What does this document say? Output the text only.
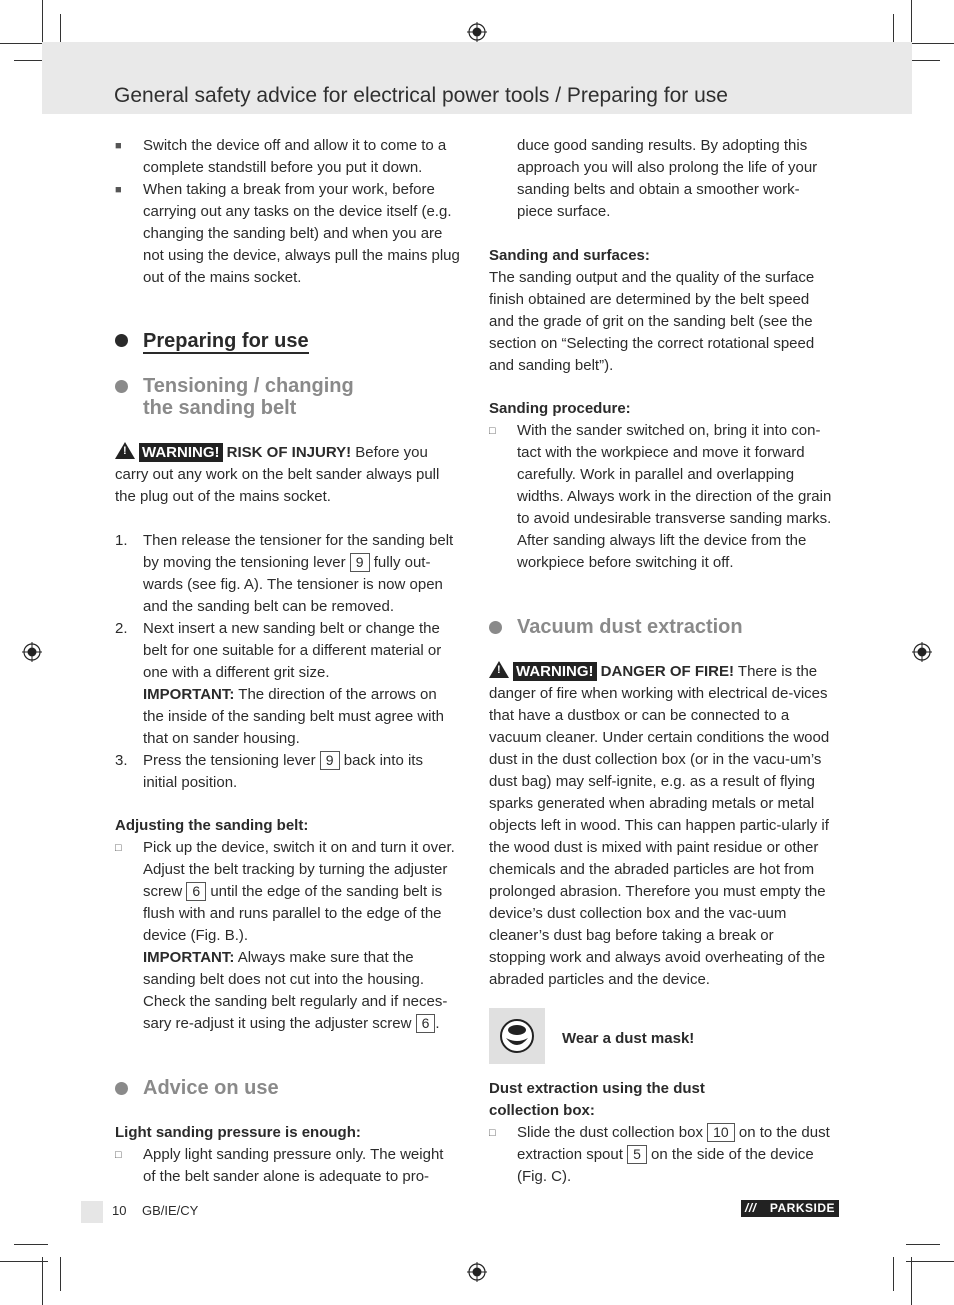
General safety advice for electrical power tools / Preparing for use
■	Switch the device off and allow it to come to a complete standstill before you put it down.
■	When taking a break from your work, before carrying out any tasks on the device itself (e.g. changing the sanding belt) and when you are not using the device, always pull the mains plug out of the mains socket.
Preparing for use
Tensioning / changing
the sanding belt

!WARNING! RISK OF INJURY! Before you carry out any work on the belt sander always pull the plug out of the mains socket.

1. Then release the tensioner for the sanding belt by moving the tensioning lever 9 fully out-wards (see fig. A). The tensioner is now open and the sanding belt can be removed.
2. Next insert a new sanding belt or change the belt for one suitable for a different material or one with a different grit size.
IMPORTANT: The direction of the arrows on the inside of the sanding belt must agree with that on sander housing.
3. Press the tensioning lever 9 back into its initial position.

Adjusting the sanding belt:

□	Pick up the device, switch it on and turn it over. Adjust the belt tracking by turning the adjuster screw 6 until the edge of the sanding belt is flush with and runs parallel to the edge of the device (Fig. B.).
IMPORTANT: Always make sure that the sanding belt does not cut into the housing. Check the sanding belt regularly and if neces-sary re-adjust it using the adjuster screw 6 .
Advice on use

Light sanding pressure is enough:

□	Apply light sanding pressure only. The weight of the belt sander alone is adequate to pro-
duce good sanding results. By adopting this approach you will also prolong the life of your sanding belts and obtain a smoother work-piece surface.

Sanding and surfaces:

The sanding output and the quality of the surface finish obtained are determined by the belt speed and the grade of grit on the sanding belt (see the section on “Selecting the correct rotational speed and sanding belt”).

Sanding procedure:

□	With the sander switched on, bring it into con-tact with the workpiece and move it forward carefully. Work in parallel and overlapping widths. Always work in the direction of the grain to avoid undesirable transverse sanding marks. After sanding always lift the device from the workpiece before switching it off.
Vacuum dust extraction

!WARNING! DANGER OF FIRE! There is the danger of fire when working with electrical de-vices that have a dustbox or can be connected to a vacuum cleaner. Under certain conditions the wood dust in the dust collection box (or in the vacu-um’s dust bag) may self-ignite, e.g. as a result of flying sparks generated when abrading metals or metal objects left in wood. This can happen partic-ularly if the wood dust is mixed with paint residue or other chemicals and the abraded particles are hot from prolonged abrasion. Therefore you must empty the device’s dust collection box and the vac-uum cleaner’s dust bag before taking a break or stopping work and always avoid overheating of the abraded particles and the device.

Wear a dust mask!

Dust extraction using the dust
collection box:

□	Slide the dust collection box 10 on to the dust extraction spout 5 on the side of the device (Fig. C).
10 GB/IE/CY	/// PARKSIDE
